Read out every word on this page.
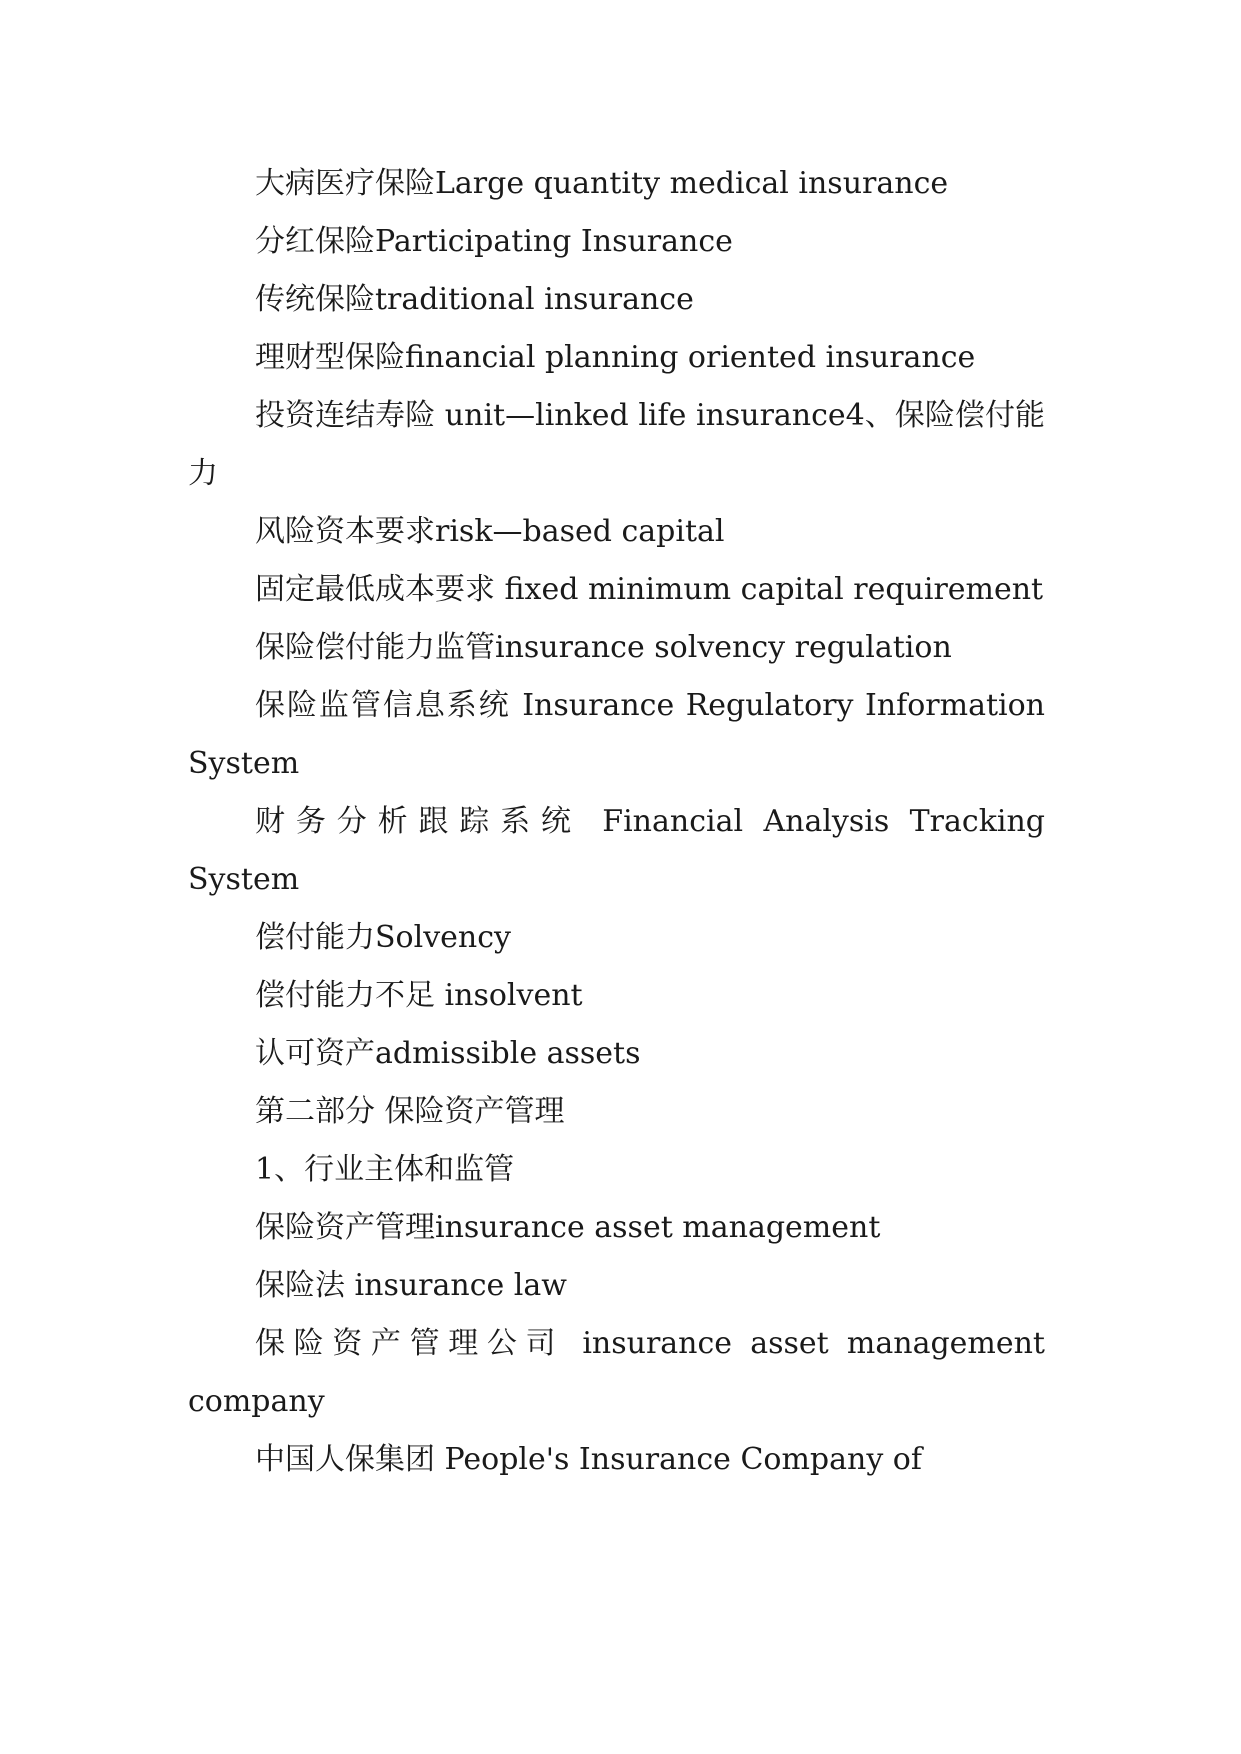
大病医疗保险Large quantity medical insurance

分红保险Participating Insurance

传统保险traditional insurance

理财型保险financial planning oriented insurance

投资连结寿险 unit—linked life insurance4、保险偿付能力

风险资本要求risk—based capital

固定最低成本要求 fixed minimum capital requirement

保险偿付能力监管insurance solvency regulation

保险监管信息系统 Insurance Regulatory Information System

财务分析跟踪系统 Financial Analysis Tracking System

偿付能力Solvency

偿付能力不足 insolvent

认可资产admissible assets

第二部分 保险资产管理

1、行业主体和监管

保险资产管理insurance asset management

保险法 insurance law

保险资产管理公司 insurance asset management company

中国人保集团 People's Insurance Company of
